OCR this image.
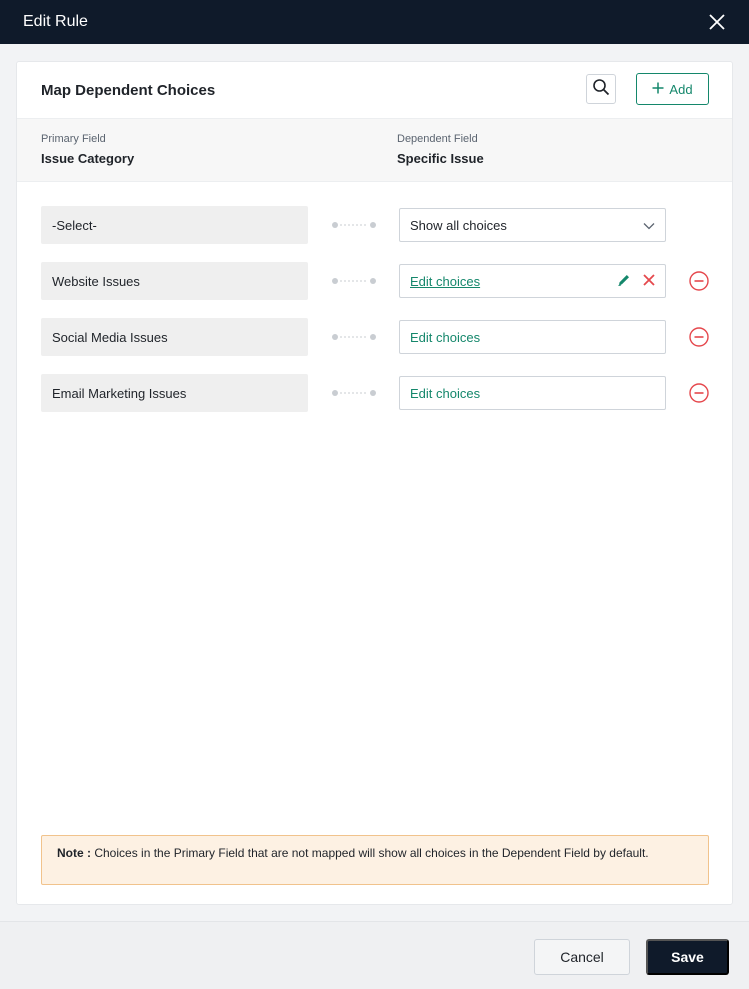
Edit Rule
Map Dependent Choices	Add
Primary Field
Issue Category
Dependent Field
Specific Issue
-Select-	Show all choices
Website Issues	Edit choices
Social Media Issues	Edit choices
Email Marketing Issues	Edit choices
Note : Choices in the Primary Field that are not mapped will show all choices in the Dependent Field by default.
Cancel	Save
